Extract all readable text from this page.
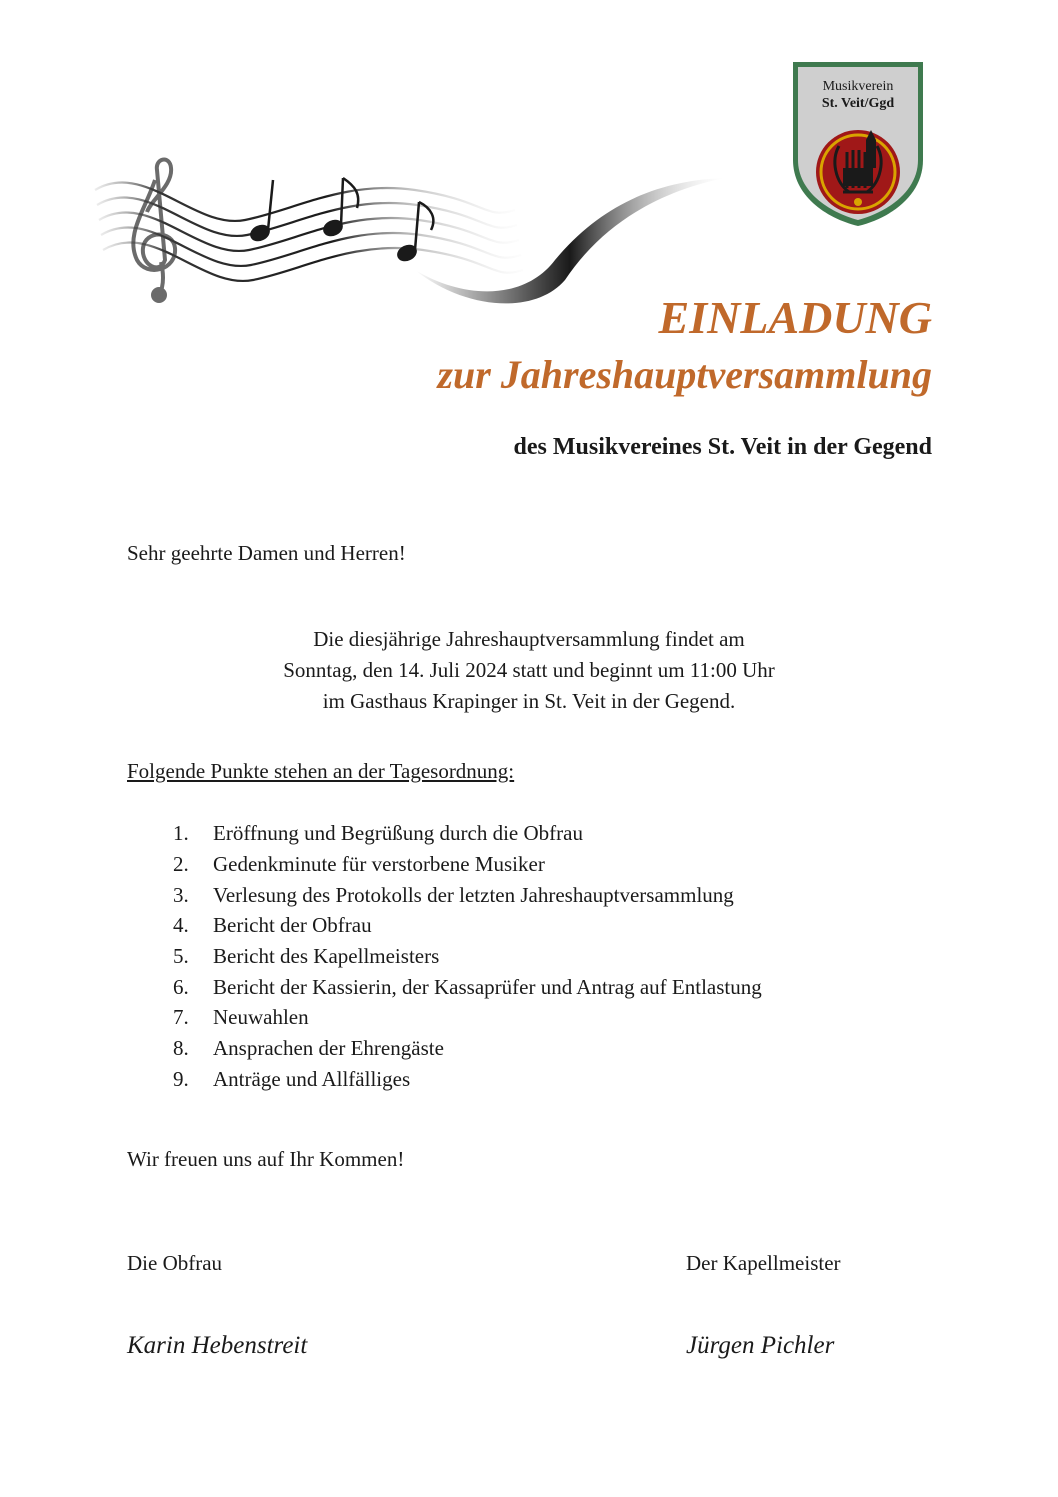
Musikverein
St. Veit/Ggd
EINLADUNG
zur Jahreshauptversammlung
des Musikvereines St. Veit in der Gegend
Sehr geehrte Damen und Herren!
Die diesjährige Jahreshauptversammlung findet am
Sonntag, den 14. Juli 2024 statt und beginnt um 11:00 Uhr
im Gasthaus Krapinger in St. Veit in der Gegend.
Folgende Punkte stehen an der Tagesordnung:
1.	Eröffnung und Begrüßung durch die Obfrau
2.	Gedenkminute für verstorbene Musiker
3.	Verlesung des Protokolls der letzten Jahreshauptversammlung
4.	Bericht der Obfrau
5.	Bericht des Kapellmeisters
6.	Bericht der Kassierin, der Kassaprüfer und Antrag auf Entlastung
7.	Neuwahlen
8.	Ansprachen der Ehrengäste
9.	Anträge und Allfälliges
Wir freuen uns auf Ihr Kommen!
Die Obfrau	Der Kapellmeister
Karin Hebenstreit	Jürgen Pichler
